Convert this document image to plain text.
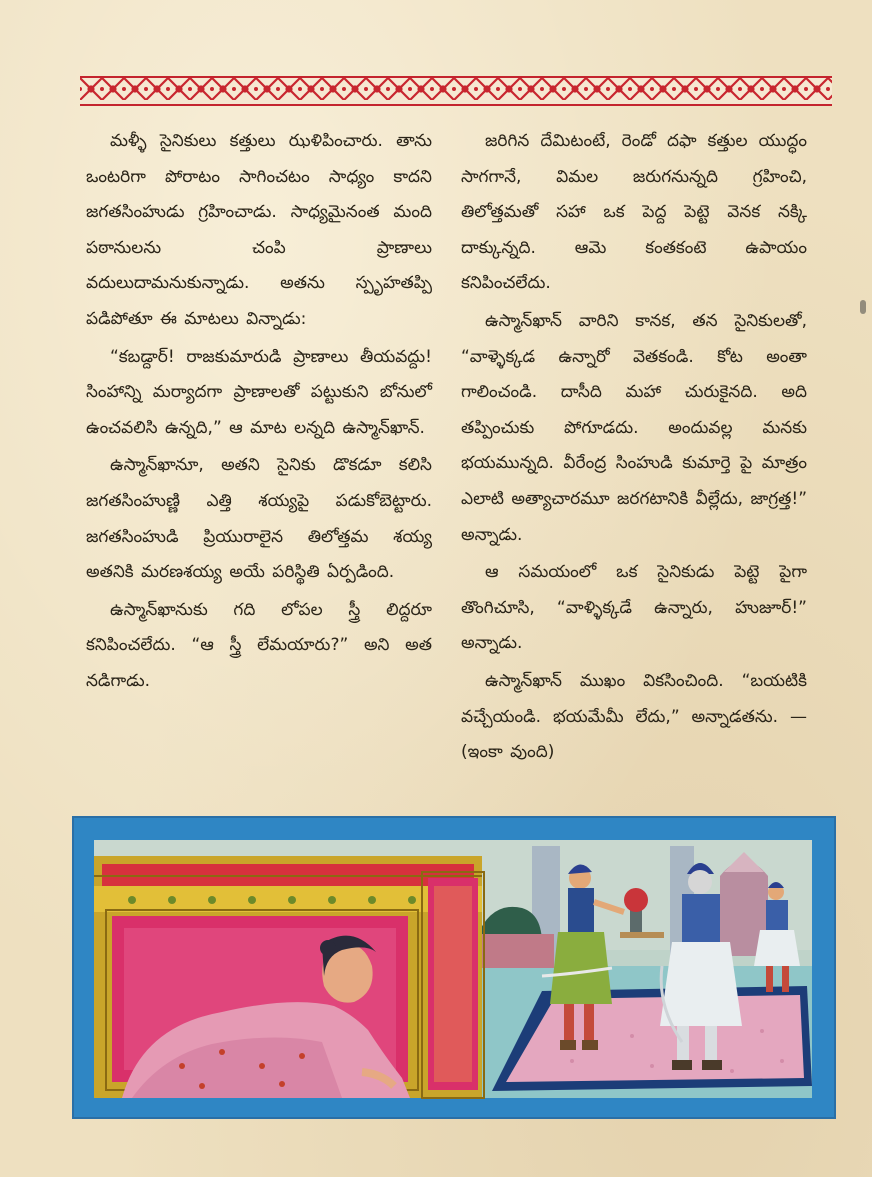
మళ్ళీ సైనికులు కత్తులు ఝళిపించారు. తాను ఒంటరిగా పోరాటం సాగించటం సాధ్యం కాదని జగతసింహుడు గ్రహించాడు. సాధ్యమైనంత మంది పఠానులను చంపి ప్రాణాలు వదులుదామనుకున్నాడు. అతను స్పృహతప్పి పడిపోతూ ఈ మాటలు విన్నాడు:

“కబడ్దార్! రాజకుమారుడి ప్రాణాలు తీయవద్దు! సింహాన్ని మర్యాదగా ప్రాణాలతో పట్టుకుని బోనులో ఉంచవలిసి ఉన్నది,” ఆ మాట లన్నది ఉస్మాన్‌ఖాన్.

ఉస్మాన్‌ఖానూ, అతని సైనికు డొకడూ కలిసి జగతసింహుణ్ణి ఎత్తి శయ్యపై పడుకోబెట్టారు. జగతసింహుడి ప్రియురాలైన తిలోత్తమ శయ్య అతనికి మరణశయ్య అయే పరిస్థితి ఏర్పడింది.

ఉస్మాన్‌ఖానుకు గది లోపల స్త్రీ లిద్దరూ కనిపించలేదు. “ఆ స్త్రీ లేమయారు?” అని అత నడిగాడు.

జరిగిన దేమిటంటే, రెండో దఫా కత్తుల యుద్ధం సాగగానే, విమల జరుగనున్నది గ్రహించి, తిలోత్తమతో సహా ఒక పెద్ద పెట్టె వెనక నక్కి దాక్కున్నది. ఆమె కంతకంటె ఉపాయం కనిపించలేదు.

ఉస్మాన్‌ఖాన్ వారిని కానక, తన సైనికులతో, “వాళ్ళెక్కడ ఉన్నారో వెతకండి. కోట అంతా గాలించండి. దాసీది మహా చురుకైనది. అది తప్పించుకు పోగూడదు. అందువల్ల మనకు భయమున్నది. వీరేంద్ర సింహుడి కుమార్తె పై మాత్రం ఎలాటి అత్యాచారమూ జరగటానికి వీల్లేదు, జాగ్రత్త!” అన్నాడు.

ఆ సమయంలో ఒక సైనికుడు పెట్టె పైగా తొంగిచూసి, “వాళ్ళిక్కడే ఉన్నారు, హుజూర్!” అన్నాడు.

ఉస్మాన్‌ఖాన్ ముఖం వికసించింది. “బయటికి వచ్చేయండి. భయమేమీ లేదు,” అన్నాడతను. —(ఇంకా వుంది)
